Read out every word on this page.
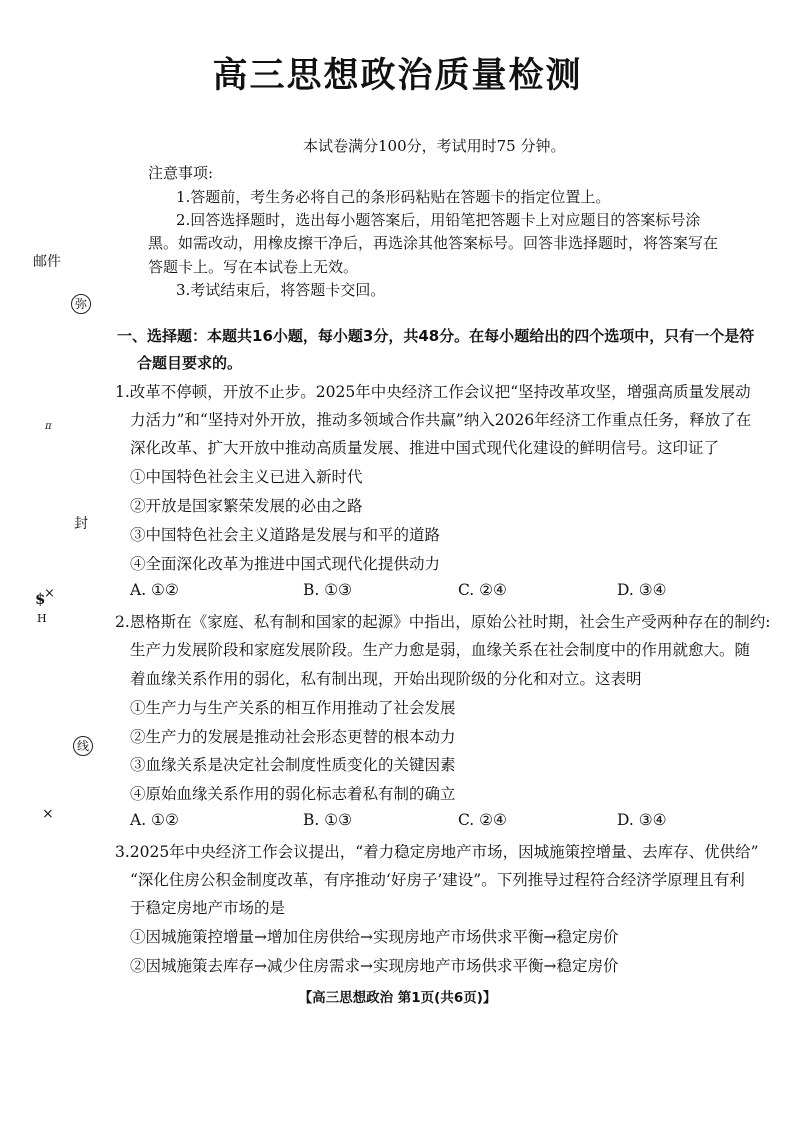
高三思想政治质量检测
本试卷满分100分，考试用时75 分钟。
注意事项:
1.答题前，考生务必将自己的条形码粘贴在答题卡的指定位置上。
2.回答选择题时，选出每小题答案后，用铅笔把答题卡上对应题目的答案标号涂
黑。如需改动，用橡皮擦干净后，再选涂其他答案标号。回答非选择题时，将答案写在
答题卡上。写在本试卷上无效。
3.考试结束后，将答题卡交回。
邮件
弥
π
封
$
×
H
线
×
一、选择题：本题共16小题，每小题3分，共48分。在每小题给出的四个选项中，只有一个是符
合题目要求的。
1.改革不停顿，开放不止步。2025年中央经济工作会议把“坚持改革攻坚，增强高质量发展动
力活力”和“坚持对外开放，推动多领域合作共赢”纳入2026年经济工作重点任务，释放了在
深化改革、扩大开放中推动高质量发展、推进中国式现代化建设的鲜明信号。这印证了
①中国特色社会主义已进入新时代
②开放是国家繁荣发展的必由之路
③中国特色社会主义道路是发展与和平的道路
④全面深化改革为推进中国式现代化提供动力
A. ①②	B. ①③	C. ②④	D. ③④
2.恩格斯在《家庭、私有制和国家的起源》中指出，原始公社时期，社会生产受两种存在的制约:
生产力发展阶段和家庭发展阶段。生产力愈是弱，血缘关系在社会制度中的作用就愈大。随
着血缘关系作用的弱化，私有制出现，开始出现阶级的分化和对立。这表明
①生产力与生产关系的相互作用推动了社会发展
②生产力的发展是推动社会形态更替的根本动力
③血缘关系是决定社会制度性质变化的关键因素
④原始血缘关系作用的弱化标志着私有制的确立
A. ①②	B. ①③	C. ②④	D. ③④
3.2025年中央经济工作会议提出，“着力稳定房地产市场，因城施策控增量、去库存、优供给”
“深化住房公积金制度改革，有序推动‘好房子’建设”。下列推导过程符合经济学原理且有利
于稳定房地产市场的是
①因城施策控增量→增加住房供给→实现房地产市场供求平衡→稳定房价
②因城施策去库存→减少住房需求→实现房地产市场供求平衡→稳定房价
【高三思想政治 第1页(共6页)】
